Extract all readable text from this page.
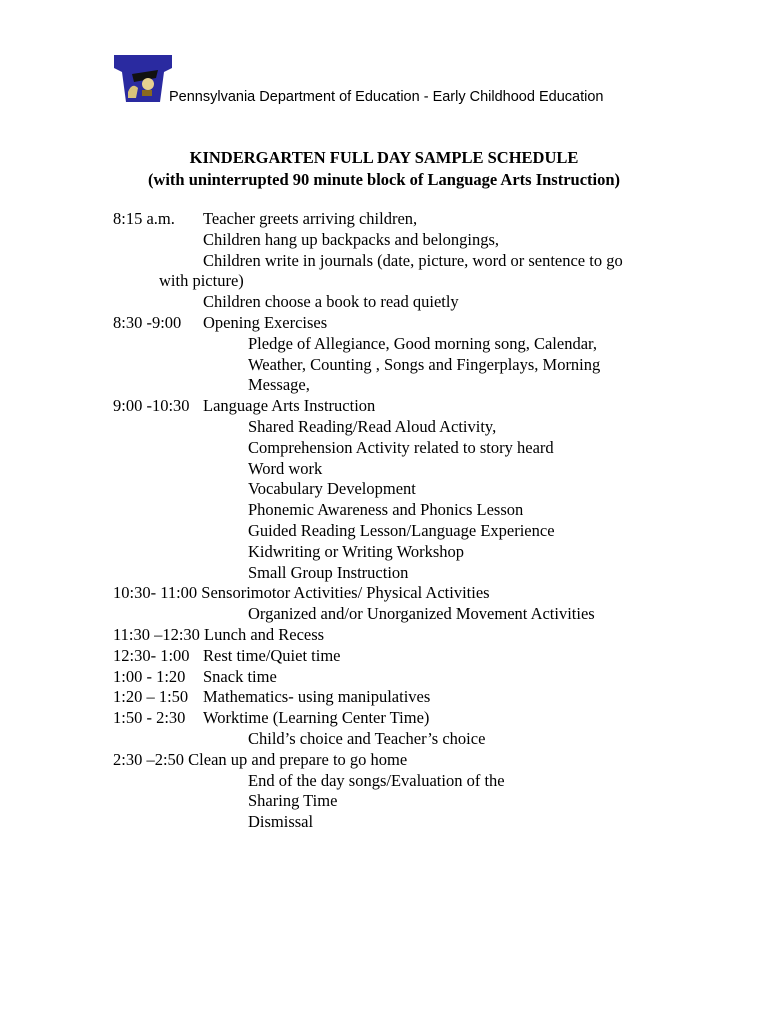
Pennsylvania Department of Education - Early Childhood Education
KINDERGARTEN FULL DAY SAMPLE SCHEDULE
(with uninterrupted 90 minute block of Language Arts Instruction)
8:15 a.m. Teacher greets arriving children,
Children hang up backpacks and belongings,
Children write in journals (date, picture, word or sentence to go
with picture)
Children choose a book to read quietly
8:30 -9:00 Opening Exercises
Pledge of Allegiance, Good morning song, Calendar,
Weather, Counting , Songs and Fingerplays, Morning
Message,
9:00 -10:30 Language Arts Instruction
Shared Reading/Read Aloud Activity,
Comprehension Activity related to story heard
Word work
Vocabulary Development
Phonemic Awareness and Phonics Lesson
Guided Reading Lesson/Language Experience
Kidwriting or Writing Workshop
Small Group Instruction
10:30- 11:00 Sensorimotor Activities/ Physical Activities
Organized and/or Unorganized Movement Activities
11:30 –12:30 Lunch and Recess
12:30- 1:00 Rest time/Quiet time
1:00 - 1:20 Snack time
1:20 – 1:50 Mathematics- using manipulatives
1:50 - 2:30 Worktime (Learning Center Time)
Child’s choice and Teacher’s choice
2:30 –2:50 Clean up and prepare to go home
End of the day songs/Evaluation of the
Sharing Time
Dismissal
